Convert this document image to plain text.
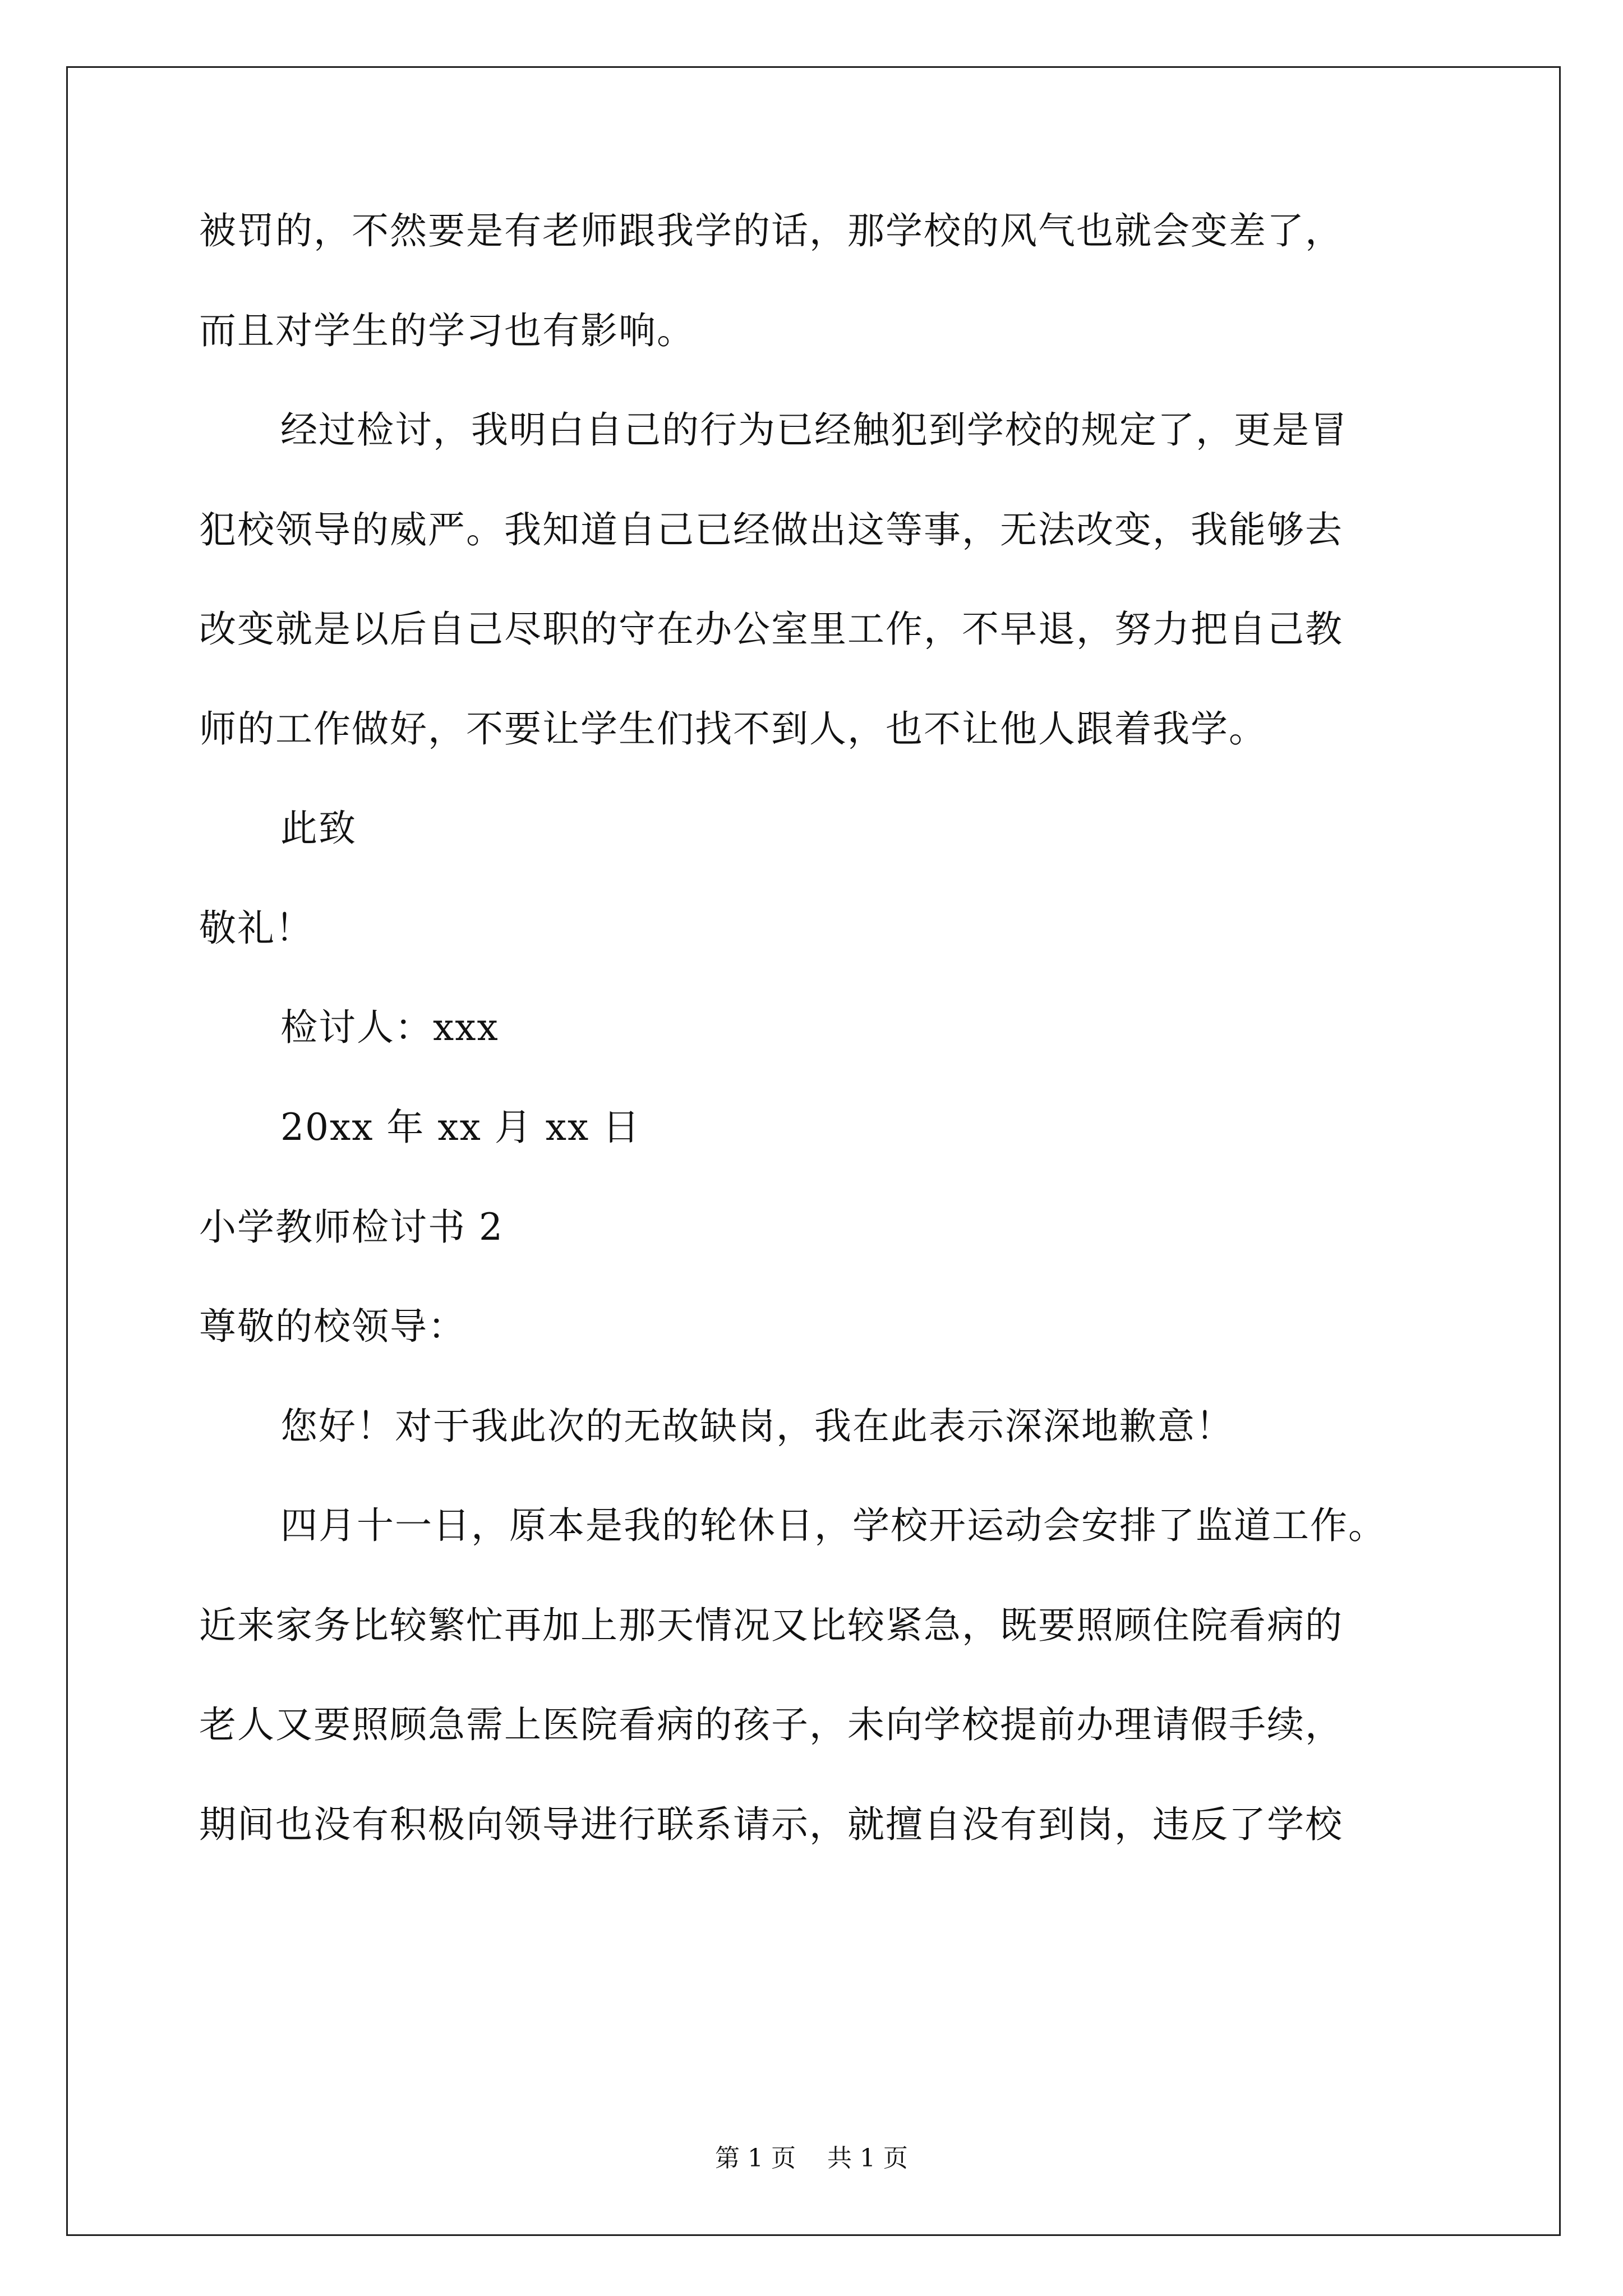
被罚的，不然要是有老师跟我学的话，那学校的风气也就会变差了，
而且对学生的学习也有影响。
经过检讨，我明白自己的行为已经触犯到学校的规定了，更是冒
犯校领导的威严。我知道自己已经做出这等事，无法改变，我能够去
改变就是以后自己尽职的守在办公室里工作，不早退，努力把自己教
师的工作做好，不要让学生们找不到人，也不让他人跟着我学。
此致
敬礼！
检讨人：xxx
20xx 年 xx 月 xx 日
小学教师检讨书 2
尊敬的校领导：
您好！对于我此次的无故缺岗，我在此表示深深地歉意！
四月十一日，原本是我的轮休日，学校开运动会安排了监道工作。
近来家务比较繁忙再加上那天情况又比较紧急，既要照顾住院看病的
老人又要照顾急需上医院看病的孩子，未向学校提前办理请假手续，
期间也没有积极向领导进行联系请示，就擅自没有到岗，违反了学校
第 1 页    共 1 页
